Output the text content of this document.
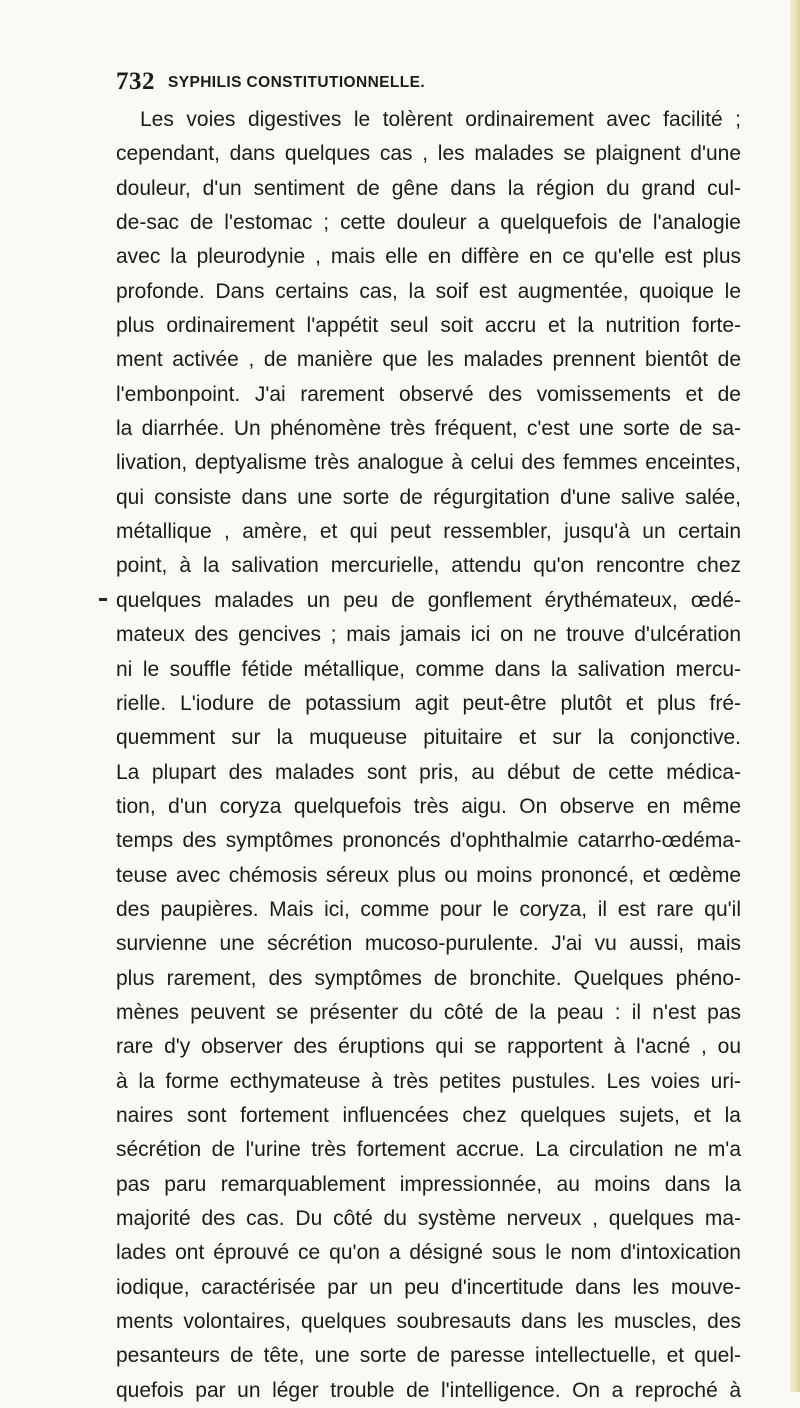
732 SYPHILIS CONSTITUTIONNELLE.
Les voies digestives le tolèrent ordinairement avec facilité ;
cependant, dans quelques cas , les malades se plaignent d'une
douleur, d'un sentiment de gêne dans la région du grand cul-
de-sac de l'estomac ; cette douleur a quelquefois de l'analogie
avec la pleurodynie , mais elle en diffère en ce qu'elle est plus
profonde. Dans certains cas, la soif est augmentée, quoique le
plus ordinairement l'appétit seul soit accru et la nutrition forte-
ment activée , de manière que les malades prennent bientôt de
l'embonpoint. J'ai rarement observé des vomissements et de
la diarrhée. Un phénomène très fréquent, c'est une sorte de sa-
livation, deptyalisme très analogue à celui des femmes enceintes,
qui consiste dans une sorte de régurgitation d'une salive salée,
métallique , amère, et qui peut ressembler, jusqu'à un certain
point, à la salivation mercurielle, attendu qu'on rencontre chez
quelques malades un peu de gonflement érythémateux, œdé-
mateux des gencives ; mais jamais ici on ne trouve d'ulcération
ni le souffle fétide métallique, comme dans la salivation mercu-
rielle. L'iodure de potassium agit peut-être plutôt et plus fré-
quemment sur la muqueuse pituitaire et sur la conjonctive.
La plupart des malades sont pris, au début de cette médica-
tion, d'un coryza quelquefois très aigu. On observe en même
temps des symptômes prononcés d'ophthalmie catarrho-œdéma-
teuse avec chémosis séreux plus ou moins prononcé, et œdème
des paupières. Mais ici, comme pour le coryza, il est rare qu'il
survienne une sécrétion mucoso-purulente. J'ai vu aussi, mais
plus rarement, des symptômes de bronchite. Quelques phéno-
mènes peuvent se présenter du côté de la peau : il n'est pas
rare d'y observer des éruptions qui se rapportent à l'acné , ou
à la forme ecthymateuse à très petites pustules. Les voies uri-
naires sont fortement influencées chez quelques sujets, et la
sécrétion de l'urine très fortement accrue. La circulation ne m'a
pas paru remarquablement impressionnée, au moins dans la
majorité des cas. Du côté du système nerveux , quelques ma-
lades ont éprouvé ce qu'on a désigné sous le nom d'intoxication
iodique, caractérisée par un peu d'incertitude dans les mouve-
ments volontaires, quelques soubresauts dans les muscles, des
pesanteurs de tête, une sorte de paresse intellectuelle, et quel-
quefois par un léger trouble de l'intelligence. On a reproché à
